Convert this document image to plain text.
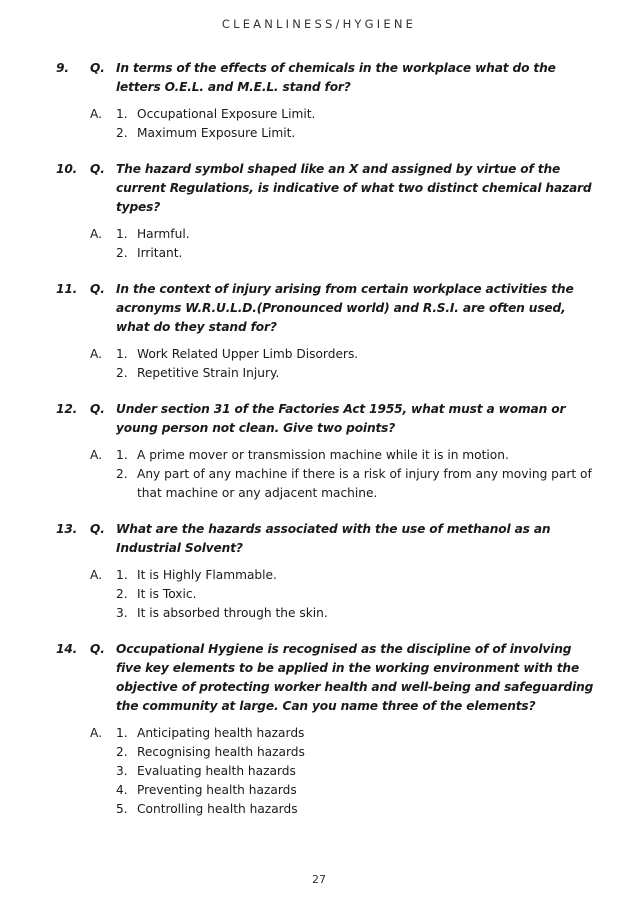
CLEANLINESS/HYGIENE
9.	Q. In terms of the effects of chemicals in the workplace what do the letters O.E.L. and M.E.L. stand for?
A.	1. Occupational Exposure Limit.
2. Maximum Exposure Limit.
10.	Q. The hazard symbol shaped like an X and assigned by virtue of the current Regulations, is indicative of what two distinct chemical hazard types?
A.	1. Harmful.
2. Irritant.
11.	Q. In the context of injury arising from certain workplace activities the acronyms W.R.U.L.D.(Pronounced world) and R.S.I. are often used, what do they stand for?
A.	1. Work Related Upper Limb Disorders.
2. Repetitive Strain Injury.
12.	Q. Under section 31 of the Factories Act 1955, what must a woman or young person not clean. Give two points?
A.	1. A prime mover or transmission machine while it is in motion.
2. Any part of any machine if there is a risk of injury from any moving part of that machine or any adjacent machine.
13.	Q. What are the hazards associated with the use of methanol as an Industrial Solvent?
A.	1. It is Highly Flammable.
2. It is Toxic.
3. It is absorbed through the skin.
14.	Q. Occupational Hygiene is recognised as the discipline of of involving five key elements to be applied in the working environment with the objective of protecting worker health and well-being and safeguarding the community at large. Can you name three of the elements?
A.	1. Anticipating health hazards
2. Recognising health hazards
3. Evaluating health hazards
4. Preventing health hazards
5. Controlling health hazards
27
